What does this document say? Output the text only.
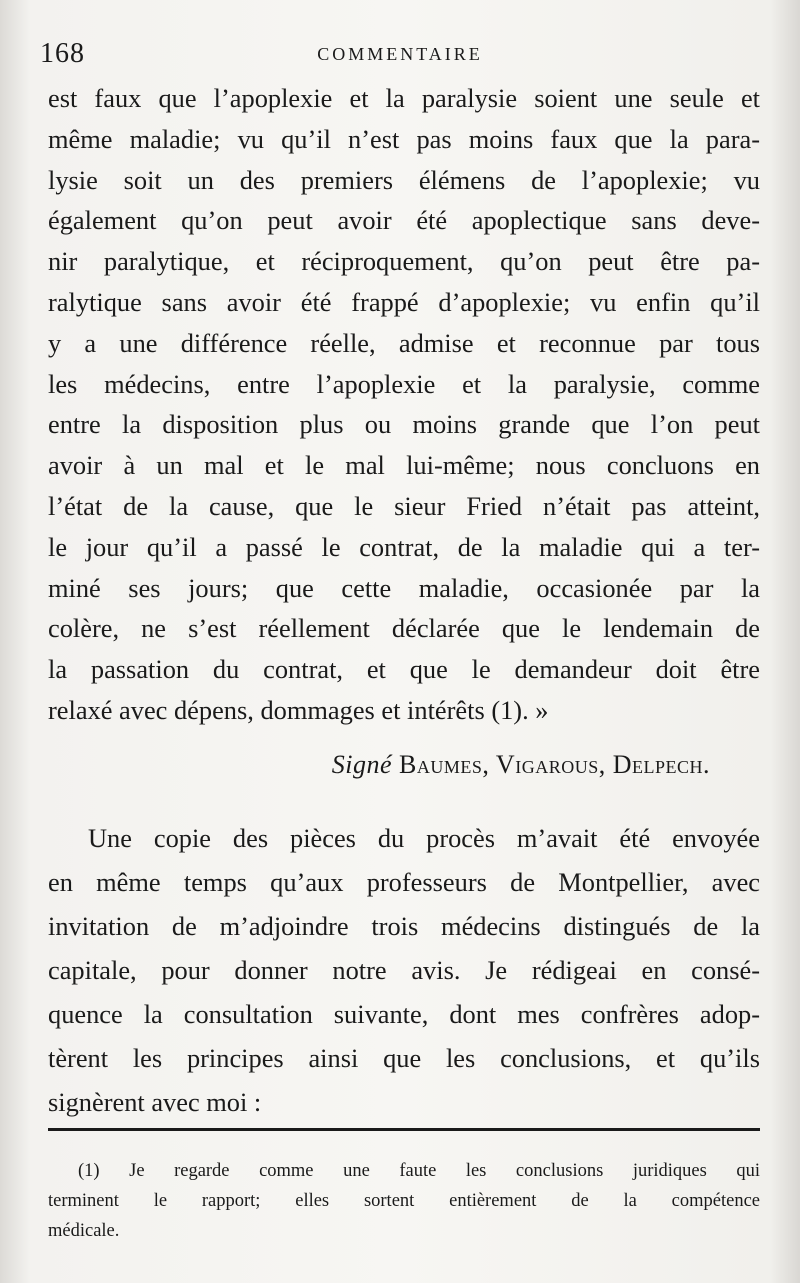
168	COMMENTAIRE
est faux que l’apoplexie et la paralysie soient une seule et
même maladie; vu qu’il n’est pas moins faux que la para-
lysie soit un des premiers élémens de l’apoplexie; vu
également qu’on peut avoir été apoplectique sans deve-
nir paralytique, et réciproquement, qu’on peut être pa-
ralytique sans avoir été frappé d’apoplexie; vu enfin qu’il
y a une différence réelle, admise et reconnue par tous
les médecins, entre l’apoplexie et la paralysie, comme
entre la disposition plus ou moins grande que l’on peut
avoir à un mal et le mal lui-même; nous concluons en
l’état de la cause, que le sieur Fried n’était pas atteint,
le jour qu’il a passé le contrat, de la maladie qui a ter-
miné ses jours; que cette maladie, occasionée par la
colère, ne s’est réellement déclarée que le lendemain de
la passation du contrat, et que le demandeur doit être
relaxé avec dépens, dommages et intérêts (1). »
Signé Baumes, Vigarous, Delpech.
Une copie des pièces du procès m’avait été envoyée
en même temps qu’aux professeurs de Montpellier, avec
invitation de m’adjoindre trois médecins distingués de la
capitale, pour donner notre avis. Je rédigeai en consé-
quence la consultation suivante, dont mes confrères adop-
tèrent les principes ainsi que les conclusions, et qu’ils
signèrent avec moi :
(1) Je regarde comme une faute les conclusions juridiques qui
terminent le rapport; elles sortent entièrement de la compétence
médicale.
